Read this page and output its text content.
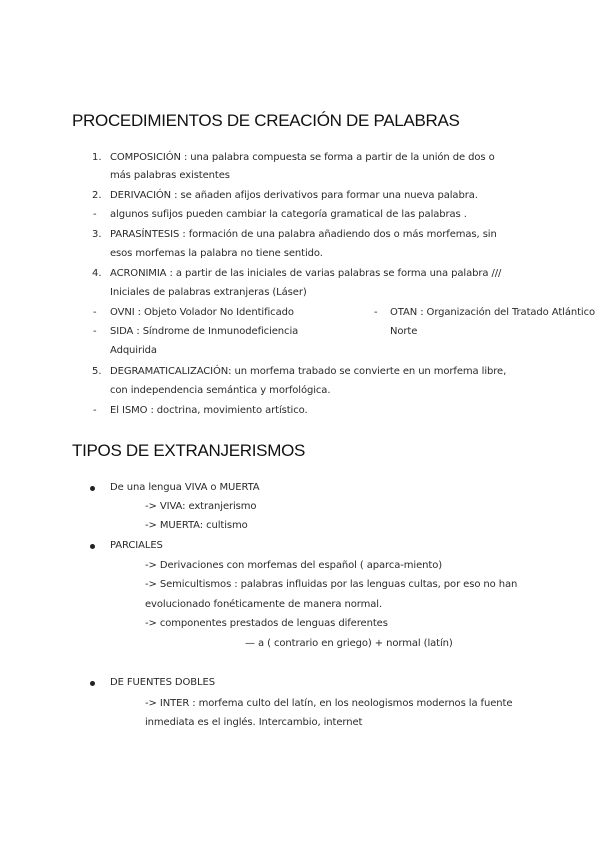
PROCEDIMIENTOS DE CREACIÓN DE PALABRAS
1. COMPOSICIÓN : una palabra compuesta se forma a partir de la unión de dos o
más palabras existentes
2. DERIVACIÓN : se añaden afijos derivativos para formar una nueva palabra.
- algunos sufijos pueden cambiar la categoría gramatical de las palabras .
3. PARASÍNTESIS : formación de una palabra añadiendo dos o más morfemas, sin
esos morfemas la palabra no tiene sentido.
4. ACRONIMIA : a partir de las iniciales de varias palabras se forma una palabra ///
Iniciales de palabras extranjeras (Láser)
- OVNI : Objeto Volador No Identificado	- OTAN : Organización del Tratado Atlántico
Norte
- SIDA : Síndrome de Inmunodeficiencia
Adquirida
5. DEGRAMATICALIZACIÓN: un morfema trabado se convierte en un morfema libre,
con independencia semántica y morfológica.
- El ISMO : doctrina, movimiento artístico.
TIPOS DE EXTRANJERISMOS
De una lengua VIVA o MUERTA
-> VIVA: extranjerismo
-> MUERTA: cultismo
PARCIALES
-> Derivaciones con morfemas del español ( aparca-miento)
-> Semicultismos : palabras influidas por las lenguas cultas, por eso no han
evolucionado fonéticamente de manera normal.
-> componentes prestados de lenguas diferentes
— a ( contrario en griego) + normal (latín)
DE FUENTES DOBLES
-> INTER : morfema culto del latín, en los neologismos modernos la fuente
inmediata es el inglés. Intercambio, internet
